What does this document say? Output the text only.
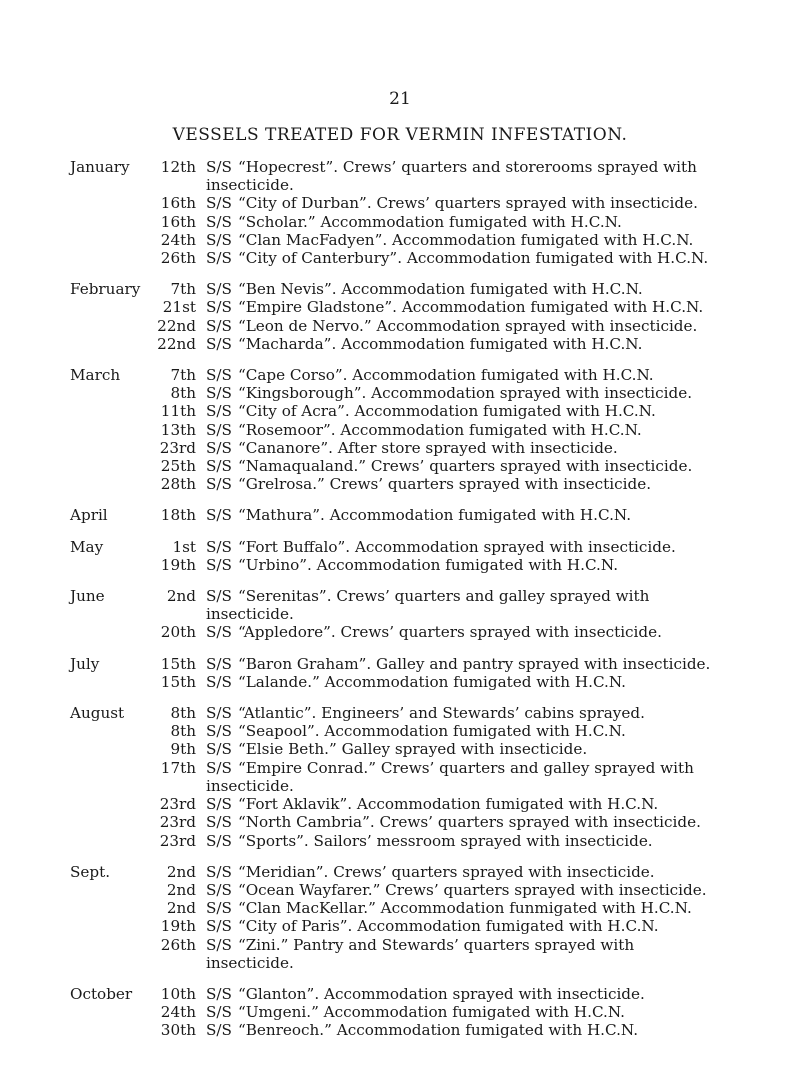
21
VESSELS TREATED FOR VERMIN INFESTATION.
January	12th S/S “Hopecrest”. Crews’ quarters and storerooms sprayed with insecticide.
16th S/S “City of Durban”. Crews’ quarters sprayed with insecticide.
16th S/S “Scholar.” Accommodation fumigated with H.C.N.
24th S/S “Clan MacFadyen”. Accommodation fumigated with H.C.N.
26th S/S “City of Canterbury”. Accommodation fumigated with H.C.N.
February	7th S/S “Ben Nevis”. Accommodation fumigated with H.C.N.
21st S/S “Empire Gladstone”. Accommodation fumigated with H.C.N.
22nd S/S “Leon de Nervo.” Accommodation sprayed with insecticide.
22nd S/S “Macharda”. Accommodation fumigated with H.C.N.
March	7th S/S “Cape Corso”. Accommodation fumigated with H.C.N.
8th S/S “Kingsborough”. Accommodation sprayed with insecticide.
11th S/S “City of Acra”. Accommodation fumigated with H.C.N.
13th S/S “Rosemoor”. Accommodation fumigated with H.C.N.
23rd S/S “Cananore”. After store sprayed with insecticide.
25th S/S “Namaqualand.” Crews’ quarters sprayed with insecticide.
28th S/S “Grelrosa.” Crews’ quarters sprayed with insecticide.
April	18th S/S “Mathura”. Accommodation fumigated with H.C.N.
May	1st S/S “Fort Buffalo”. Accommodation sprayed with insecticide.
19th S/S “Urbino”. Accommodation fumigated with H.C.N.
June	2nd S/S “Serenitas”. Crews’ quarters and galley sprayed with insecticide.
20th S/S “Appledore”. Crews’ quarters sprayed with insecticide.
July	15th S/S “Baron Graham”. Galley and pantry sprayed with insecticide.
15th S/S “Lalande.” Accommodation fumigated with H.C.N.
August	8th S/S “Atlantic”. Engineers’ and Stewards’ cabins sprayed.
8th S/S “Seapool”. Accommodation fumigated with H.C.N.
9th S/S “Elsie Beth.” Galley sprayed with insecticide.
17th S/S “Empire Conrad.” Crews’ quarters and galley sprayed with insecticide.
23rd S/S “Fort Aklavik”. Accommodation fumigated with H.C.N.
23rd S/S “North Cambria”. Crews’ quarters sprayed with insecticide.
23rd S/S “Sports”. Sailors’ messroom sprayed with insecticide.
Sept.	2nd S/S “Meridian”. Crews’ quarters sprayed with insecticide.
2nd S/S “Ocean Wayfarer.” Crews’ quarters sprayed with insecticide.
2nd S/S “Clan MacKellar.” Accommodation funmigated with H.C.N.
19th S/S “City of Paris”. Accommodation fumigated with H.C.N.
26th S/S “Zini.” Pantry and Stewards’ quarters sprayed with insecticide.
October	10th S/S “Glanton”. Accommodation sprayed with insecticide.
24th S/S “Umgeni.” Accommodation fumigated with H.C.N.
30th S/S “Benreoch.” Accommodation fumigated with H.C.N.
